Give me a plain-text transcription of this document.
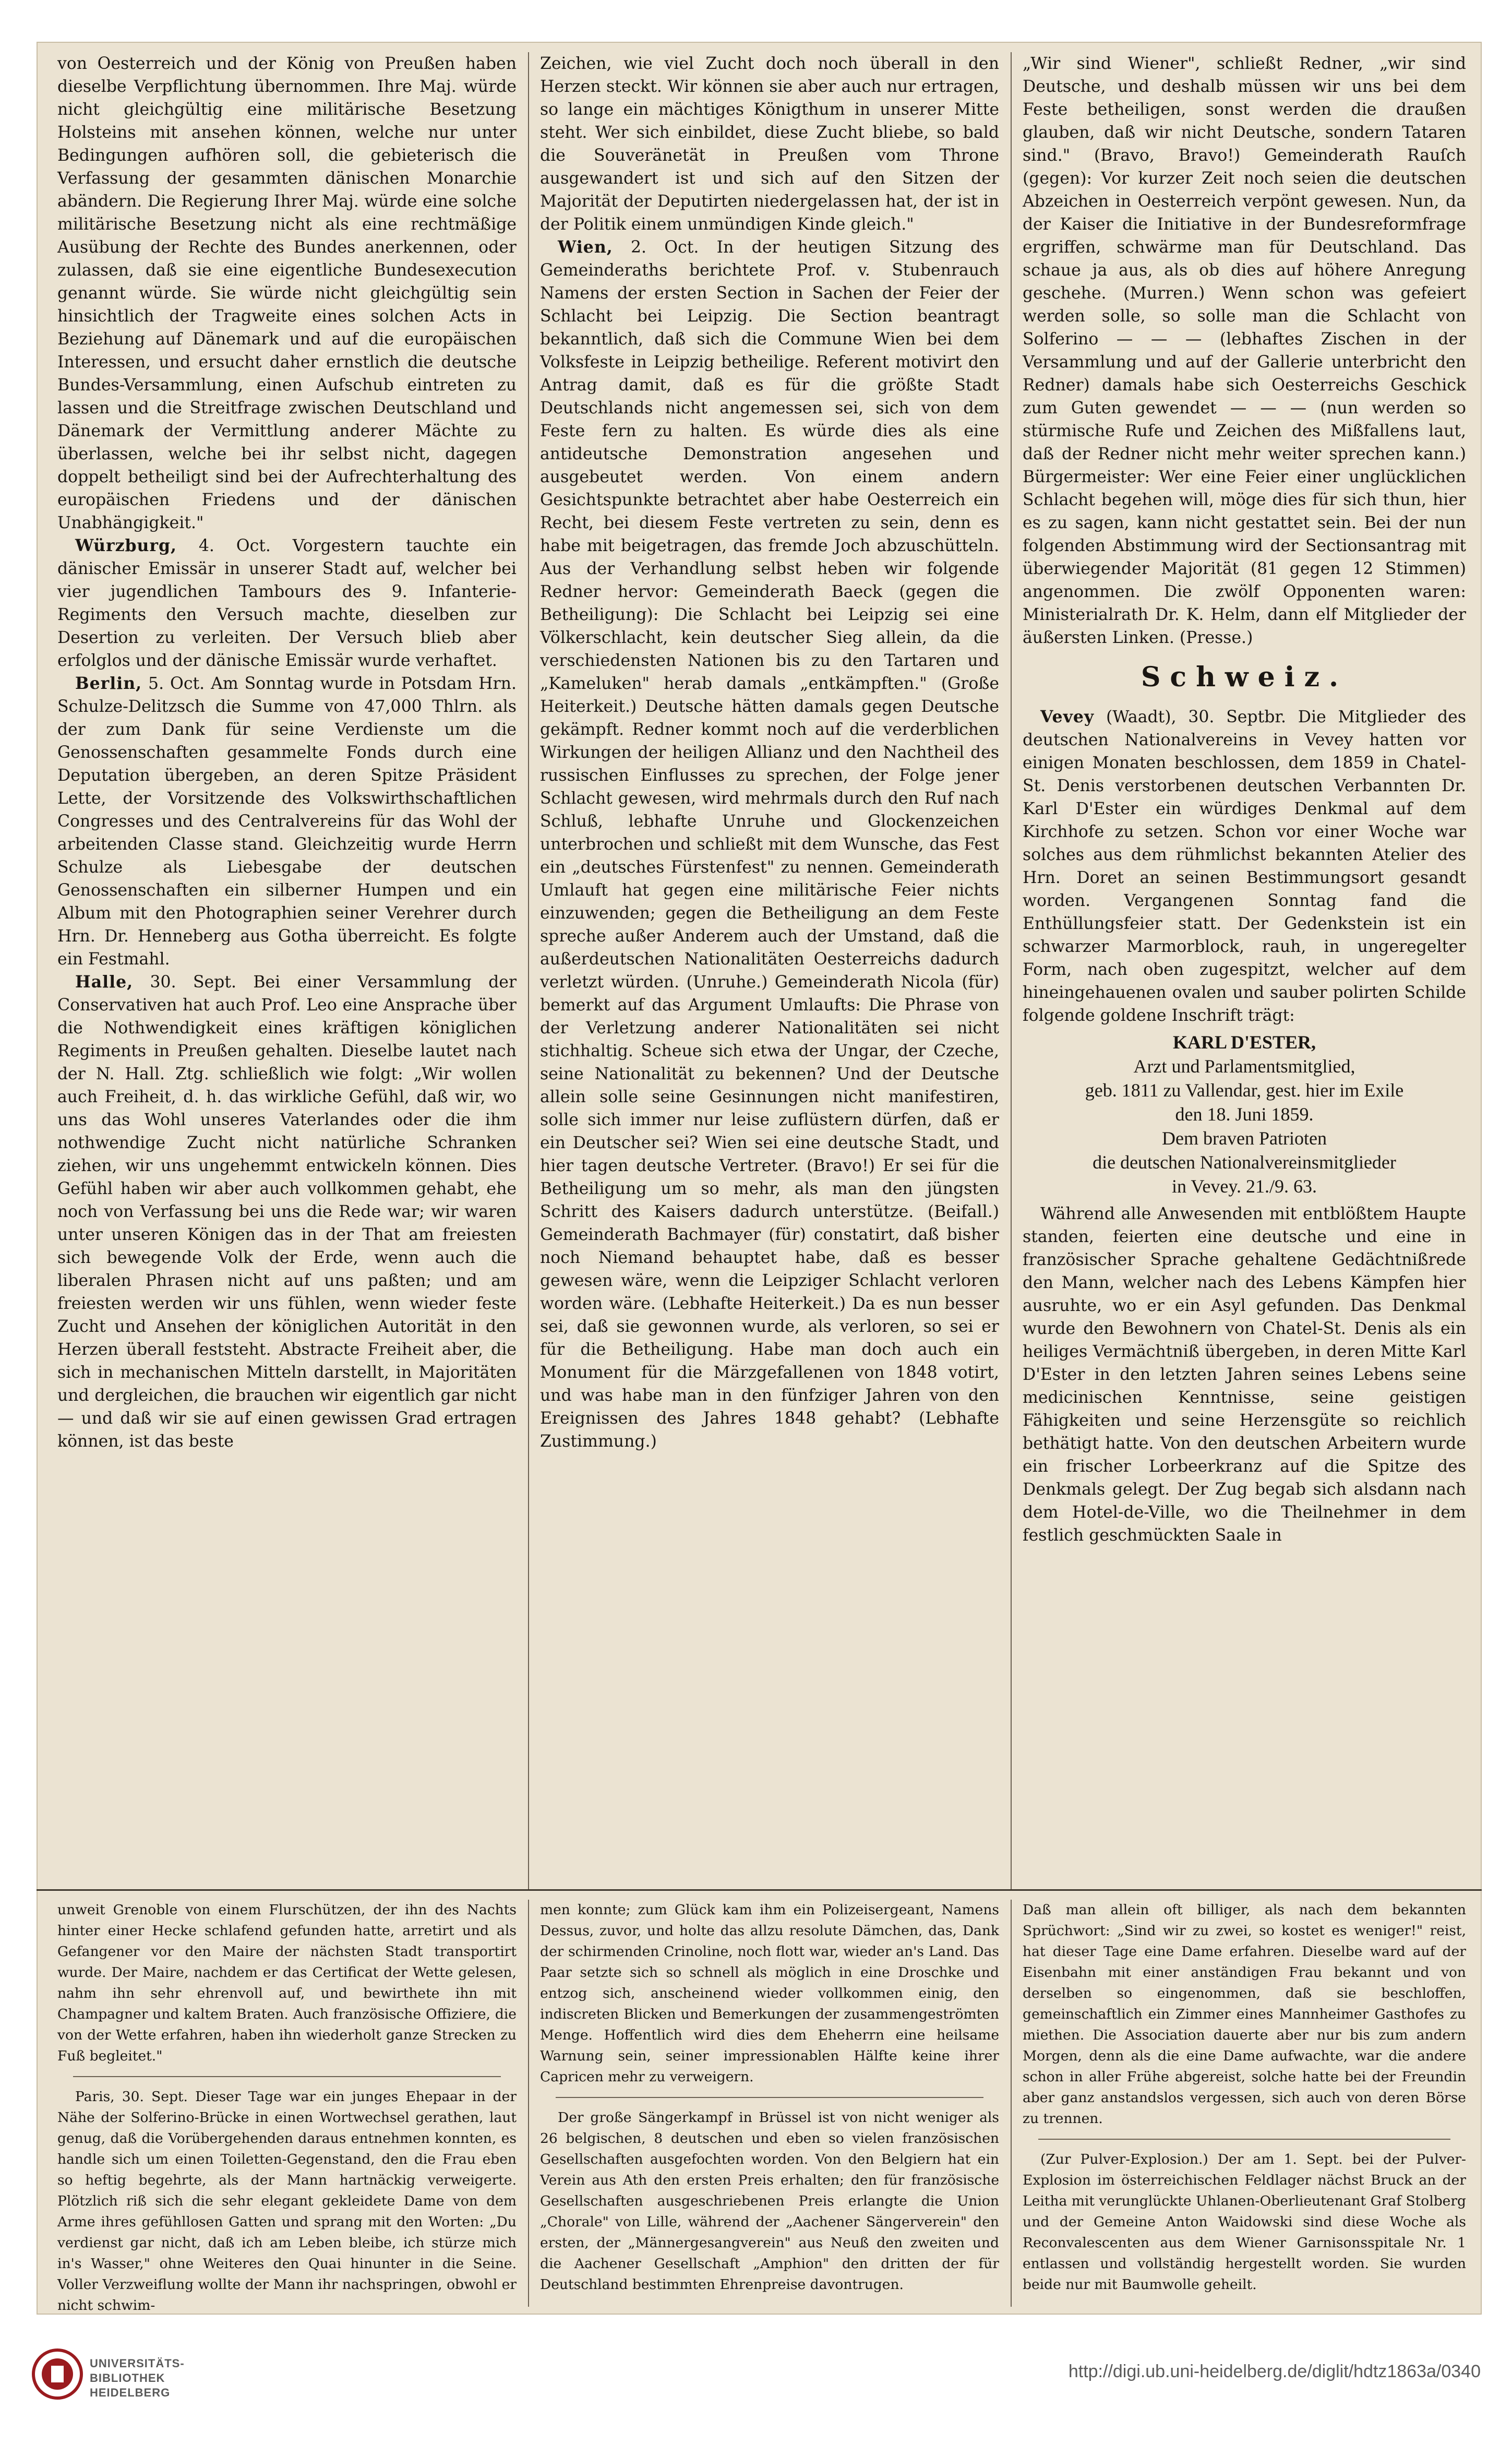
von Oesterreich und der König von Preußen haben dieselbe Verpflichtung übernommen. Ihre Maj. würde nicht gleichgültig eine militärische Besetzung Holsteins mit ansehen können, welche nur unter Bedingungen aufhören soll, die gebieterisch die Verfassung der gesammten dänischen Monarchie abändern. Die Regierung Ihrer Maj. würde eine solche militärische Besetzung nicht als eine rechtmäßige Ausübung der Rechte des Bundes anerkennen, oder zulassen, daß sie eine eigentliche Bundesexecution genannt würde. Sie würde nicht gleichgültig sein hinsichtlich der Tragweite eines solchen Acts in Beziehung auf Dänemark und auf die europäischen Interessen, und ersucht daher ernstlich die deutsche Bundes-Versammlung, einen Aufschub eintreten zu lassen und die Streitfrage zwischen Deutschland und Dänemark der Vermittlung anderer Mächte zu überlassen, welche bei ihr selbst nicht, dagegen doppelt betheiligt sind bei der Aufrechterhaltung des europäischen Friedens und der dänischen Unabhängigkeit."

Würzburg, 4. Oct. Vorgestern tauchte ein dänischer Emissär in unserer Stadt auf, welcher bei vier jugendlichen Tambours des 9. Infanterie-Regiments den Versuch machte, dieselben zur Desertion zu verleiten. Der Versuch blieb aber erfolglos und der dänische Emissär wurde verhaftet.

Berlin, 5. Oct. Am Sonntag wurde in Potsdam Hrn. Schulze-Delitzsch die Summe von 47,000 Thlrn. als der zum Dank für seine Verdienste um die Genossenschaften gesammelte Fonds durch eine Deputation übergeben, an deren Spitze Präsident Lette, der Vorsitzende des Volkswirthschaftlichen Congresses und des Centralvereins für das Wohl der arbeitenden Classe stand. Gleichzeitig wurde Herrn Schulze als Liebesgabe der deutschen Genossenschaften ein silberner Humpen und ein Album mit den Photographien seiner Verehrer durch Hrn. Dr. Henneberg aus Gotha überreicht. Es folgte ein Festmahl.

Halle, 30. Sept. Bei einer Versammlung der Conservativen hat auch Prof. Leo eine Ansprache über die Nothwendigkeit eines kräftigen königlichen Regiments in Preußen gehalten. Dieselbe lautet nach der N. Hall. Ztg. schließlich wie folgt: „Wir wollen auch Freiheit, d. h. das wirkliche Gefühl, daß wir, wo uns das Wohl unseres Vaterlandes oder die ihm nothwendige Zucht nicht natürliche Schranken ziehen, wir uns ungehemmt entwickeln können. Dies Gefühl haben wir aber auch vollkommen gehabt, ehe noch von Verfassung bei uns die Rede war; wir waren unter unseren Königen das in der That am freiesten sich bewegende Volk der Erde, wenn auch die liberalen Phrasen nicht auf uns paßten; und am freiesten werden wir uns fühlen, wenn wieder feste Zucht und Ansehen der königlichen Autorität in den Herzen überall feststeht. Abstracte Freiheit aber, die sich in mechanischen Mitteln darstellt, in Majoritäten und dergleichen, die brauchen wir eigentlich gar nicht — und daß wir sie auf einen gewissen Grad ertragen können, ist das beste

Zeichen, wie viel Zucht doch noch überall in den Herzen steckt. Wir können sie aber auch nur ertragen, so lange ein mächtiges Königthum in unserer Mitte steht. Wer sich einbildet, diese Zucht bliebe, so bald die Souveränetät in Preußen vom Throne ausgewandert ist und sich auf den Sitzen der Majorität der Deputirten niedergelassen hat, der ist in der Politik einem unmündigen Kinde gleich."

Wien, 2. Oct. In der heutigen Sitzung des Gemeinderaths berichtete Prof. v. Stubenrauch Namens der ersten Section in Sachen der Feier der Schlacht bei Leipzig. Die Section beantragt bekanntlich, daß sich die Commune Wien bei dem Volksfeste in Leipzig betheilige. Referent motivirt den Antrag damit, daß es für die größte Stadt Deutschlands nicht angemessen sei, sich von dem Feste fern zu halten. Es würde dies als eine antideutsche Demonstration angesehen und ausgebeutet werden. Von einem andern Gesichtspunkte betrachtet aber habe Oesterreich ein Recht, bei diesem Feste vertreten zu sein, denn es habe mit beigetragen, das fremde Joch abzuschütteln. Aus der Verhandlung selbst heben wir folgende Redner hervor: Gemeinderath Baeck (gegen die Betheiligung): Die Schlacht bei Leipzig sei eine Völkerschlacht, kein deutscher Sieg allein, da die verschiedensten Nationen bis zu den Tartaren und „Kameluken" herab damals „entkämpften." (Große Heiterkeit.) Deutsche hätten damals gegen Deutsche gekämpft. Redner kommt noch auf die verderblichen Wirkungen der heiligen Allianz und den Nachtheil des russischen Einflusses zu sprechen, der Folge jener Schlacht gewesen, wird mehrmals durch den Ruf nach Schluß, lebhafte Unruhe und Glockenzeichen unterbrochen und schließt mit dem Wunsche, das Fest ein „deutsches Fürstenfest" zu nennen. Gemeinderath Umlauft hat gegen eine militärische Feier nichts einzuwenden; gegen die Betheiligung an dem Feste spreche außer Anderem auch der Umstand, daß die außerdeutschen Nationalitäten Oesterreichs dadurch verletzt würden. (Unruhe.) Gemeinderath Nicola (für) bemerkt auf das Argument Umlaufts: Die Phrase von der Verletzung anderer Nationalitäten sei nicht stichhaltig. Scheue sich etwa der Ungar, der Czeche, seine Nationalität zu bekennen? Und der Deutsche allein solle seine Gesinnungen nicht manifestiren, solle sich immer nur leise zuflüstern dürfen, daß er ein Deutscher sei? Wien sei eine deutsche Stadt, und hier tagen deutsche Vertreter. (Bravo!) Er sei für die Betheiligung um so mehr, als man den jüngsten Schritt des Kaisers dadurch unterstütze. (Beifall.) Gemeinderath Bachmayer (für) constatirt, daß bisher noch Niemand behauptet habe, daß es besser gewesen wäre, wenn die Leipziger Schlacht verloren worden wäre. (Lebhafte Heiterkeit.) Da es nun besser sei, daß sie gewonnen wurde, als verloren, so sei er für die Betheiligung. Habe man doch auch ein Monument für die Märzgefallenen von 1848 votirt, und was habe man in den fünfziger Jahren von den Ereignissen des Jahres 1848 gehabt? (Lebhafte Zustimmung.)

„Wir sind Wiener", schließt Redner, „wir sind Deutsche, und deshalb müssen wir uns bei dem Feste betheiligen, sonst werden die draußen glauben, daß wir nicht Deutsche, sondern Tataren sind." (Bravo, Bravo!) Gemeinderath Rauſch (gegen): Vor kurzer Zeit noch seien die deutschen Abzeichen in Oesterreich verpönt gewesen. Nun, da der Kaiser die Initiative in der Bundesreformfrage ergriffen, schwärme man für Deutschland. Das schaue ja aus, als ob dies auf höhere Anregung geschehe. (Murren.) Wenn schon was gefeiert werden solle, so solle man die Schlacht von Solferino — — — (lebhaftes Zischen in der Versammlung und auf der Gallerie unterbricht den Redner) damals habe sich Oesterreichs Geschick zum Guten gewendet — — — (nun werden so stürmische Rufe und Zeichen des Mißfallens laut, daß der Redner nicht mehr weiter sprechen kann.) Bürgermeister: Wer eine Feier einer unglücklichen Schlacht begehen will, möge dies für sich thun, hier es zu sagen, kann nicht gestattet sein. Bei der nun folgenden Abstimmung wird der Sectionsantrag mit überwiegender Majorität (81 gegen 12 Stimmen) angenommen. Die zwölf Opponenten waren: Ministerialrath Dr. K. Helm, dann elf Mitglieder der äußersten Linken. (Presse.)

Schweiz.

Vevey (Waadt), 30. Septbr. Die Mitglieder des deutschen Nationalvereins in Vevey hatten vor einigen Monaten beschlossen, dem 1859 in Chatel-St. Denis verstorbenen deutschen Verbannten Dr. Karl D'Ester ein würdiges Denkmal auf dem Kirchhofe zu setzen. Schon vor einer Woche war solches aus dem rühmlichst bekannten Atelier des Hrn. Doret an seinen Bestimmungsort gesandt worden. Vergangenen Sonntag fand die Enthüllungsfeier statt. Der Gedenkstein ist ein schwarzer Marmorblock, rauh, in ungeregelter Form, nach oben zugespitzt, welcher auf dem hineingehauenen ovalen und sauber polirten Schilde folgende goldene Inschrift trägt:

KARL D'ESTER,
Arzt und Parlamentsmitglied,
geb. 1811 zu Vallendar, gest. hier im Exile
den 18. Juni 1859.
Dem braven Patrioten
die deutschen Nationalvereinsmitglieder
in Vevey. 21./9. 63.

Während alle Anwesenden mit entblößtem Haupte standen, feierten eine deutsche und eine in französischer Sprache gehaltene Gedächtnißrede den Mann, welcher nach des Lebens Kämpfen hier ausruhte, wo er ein Asyl gefunden. Das Denkmal wurde den Bewohnern von Chatel-St. Denis als ein heiliges Vermächtniß übergeben, in deren Mitte Karl D'Ester in den letzten Jahren seines Lebens seine medicinischen Kenntnisse, seine geistigen Fähigkeiten und seine Herzensgüte so reichlich bethätigt hatte. Von den deutschen Arbeitern wurde ein frischer Lorbeerkranz auf die Spitze des Denkmals gelegt. Der Zug begab sich alsdann nach dem Hotel-de-Ville, wo die Theilnehmer in dem festlich geschmückten Saale in

unweit Grenoble von einem Flurschützen, der ihn des Nachts hinter einer Hecke schlafend gefunden hatte, arretirt und als Gefangener vor den Maire der nächsten Stadt transportirt wurde. Der Maire, nachdem er das Certificat der Wette gelesen, nahm ihn sehr ehrenvoll auf, und bewirthete ihn mit Champagner und kaltem Braten. Auch französische Offiziere, die von der Wette erfahren, haben ihn wiederholt ganze Strecken zu Fuß begleitet."

Paris, 30. Sept. Dieser Tage war ein junges Ehepaar in der Nähe der Solferino-Brücke in einen Wortwechsel gerathen, laut genug, daß die Vorübergehenden daraus entnehmen konnten, es handle sich um einen Toiletten-Gegenstand, den die Frau eben so heftig begehrte, als der Mann hartnäckig verweigerte. Plötzlich riß sich die sehr elegant gekleidete Dame von dem Arme ihres gefühllosen Gatten und sprang mit den Worten: „Du verdienst gar nicht, daß ich am Leben bleibe, ich stürze mich in's Wasser," ohne Weiteres den Quai hinunter in die Seine. Voller Verzweiflung wollte der Mann ihr nachspringen, obwohl er nicht schwim-

men konnte; zum Glück kam ihm ein Polizeisergeant, Namens Dessus, zuvor, und holte das allzu resolute Dämchen, das, Dank der schirmenden Crinoline, noch flott war, wieder an's Land. Das Paar setzte sich so schnell als möglich in eine Droschke und entzog sich, anscheinend wieder vollkommen einig, den indiscreten Blicken und Bemerkungen der zusammengeströmten Menge. Hoffentlich wird dies dem Eheherrn eine heilsame Warnung sein, seiner impressionablen Hälfte keine ihrer Capricen mehr zu verweigern.

Der große Sängerkampf in Brüssel ist von nicht weniger als 26 belgischen, 8 deutschen und eben so vielen französischen Gesellschaften ausgefochten worden. Von den Belgiern hat ein Verein aus Ath den ersten Preis erhalten; den für französische Gesellschaften ausgeschriebenen Preis erlangte die Union „Chorale" von Lille, während der „Aachener Sängerverein" den ersten, der „Männergesangverein" aus Neuß den zweiten und die Aachener Gesellschaft „Amphion" den dritten der für Deutschland bestimmten Ehrenpreise davontrugen.

Daß man allein oft billiger, als nach dem bekannten Sprüchwort: „Sind wir zu zwei, so kostet es weniger!" reist, hat dieser Tage eine Dame erfahren. Dieselbe ward auf der Eisenbahn mit einer anständigen Frau bekannt und von derselben so eingenommen, daß sie beschloffen, gemeinschaftlich ein Zimmer eines Mannheimer Gasthofes zu miethen. Die Association dauerte aber nur bis zum andern Morgen, denn als die eine Dame aufwachte, war die andere schon in aller Frühe abgereist, solche hatte bei der Freundin aber ganz anstandslos vergessen, sich auch von deren Börse zu trennen.

(Zur Pulver-Explosion.) Der am 1. Sept. bei der Pulver-Explosion im österreichischen Feldlager nächst Bruck an der Leitha mit verunglückte Uhlanen-Oberlieutenant Graf Stolberg und der Gemeine Anton Waidowski sind diese Woche als Reconvalescenten aus dem Wiener Garnisonsspitale Nr. 1 entlassen und vollständig hergestellt worden. Sie wurden beide nur mit Baumwolle geheilt.

UNIVERSITÄTS-
BIBLIOTHEK
HEIDELBERG
http://digi.ub.uni-heidelberg.de/diglit/hdtz1863a/0340
